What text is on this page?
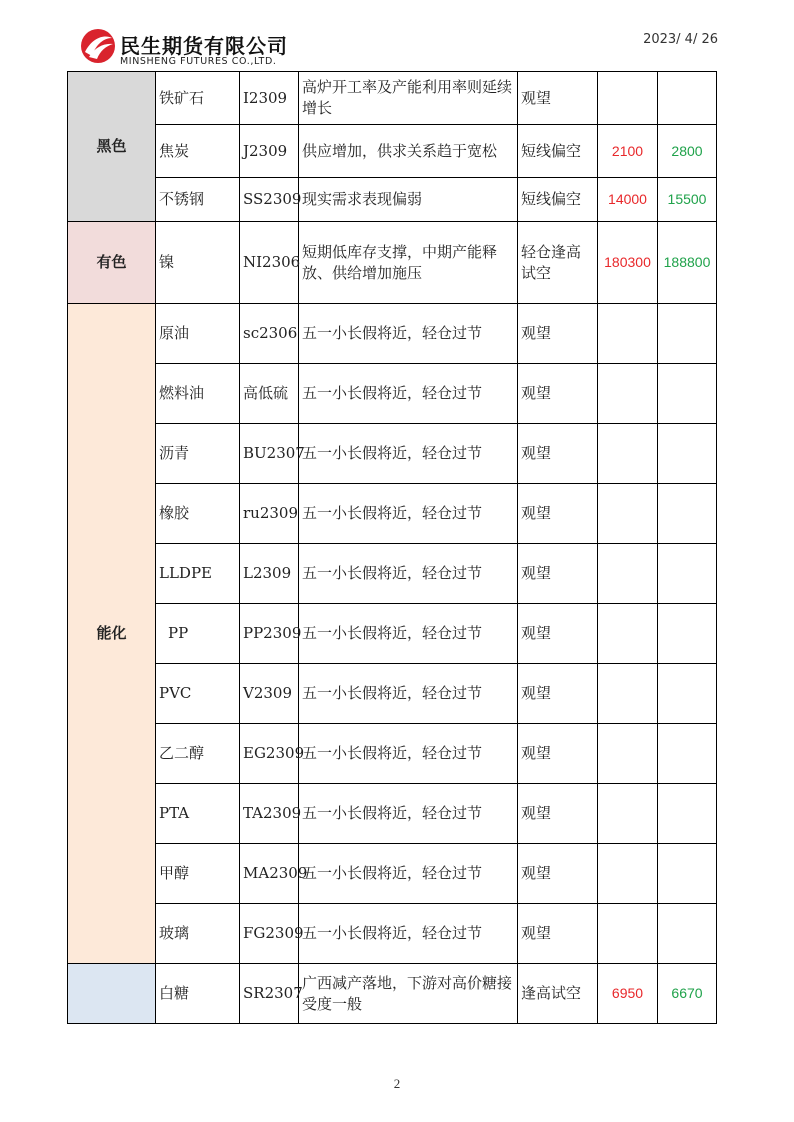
民生期货有限公司
MINSHENG FUTURES CO.,LTD.
2023/ 4/ 26
黑色	铁矿石	I2309	高炉开工率及产能利用率则延续增长	观望		
	焦炭	J2309	供应增加，供求关系趋于宽松	短线偏空	2100	2800
	不锈钢	SS2309	现实需求表现偏弱	短线偏空	14000	15500
有色	镍	NI2306	短期低库存支撑，中期产能释放、供给增加施压	轻仓逢高试空	180300	188800
能化	原油	sc2306	五一小长假将近，轻仓过节	观望		
	燃料油	高低硫	五一小长假将近，轻仓过节	观望		
	沥青	BU2307	五一小长假将近，轻仓过节	观望		
	橡胶	ru2309	五一小长假将近，轻仓过节	观望		
	LLDPE	L2309	五一小长假将近，轻仓过节	观望		
	PP	PP2309	五一小长假将近，轻仓过节	观望		
	PVC	V2309	五一小长假将近，轻仓过节	观望		
	乙二醇	EG2309	五一小长假将近，轻仓过节	观望		
	PTA	TA2309	五一小长假将近，轻仓过节	观望		
	甲醇	MA2309	五一小长假将近，轻仓过节	观望		
	玻璃	FG2309	五一小长假将近，轻仓过节	观望		
	白糖	SR2307	广西减产落地，下游对高价糖接受度一般	逢高试空	6950	6670
2
